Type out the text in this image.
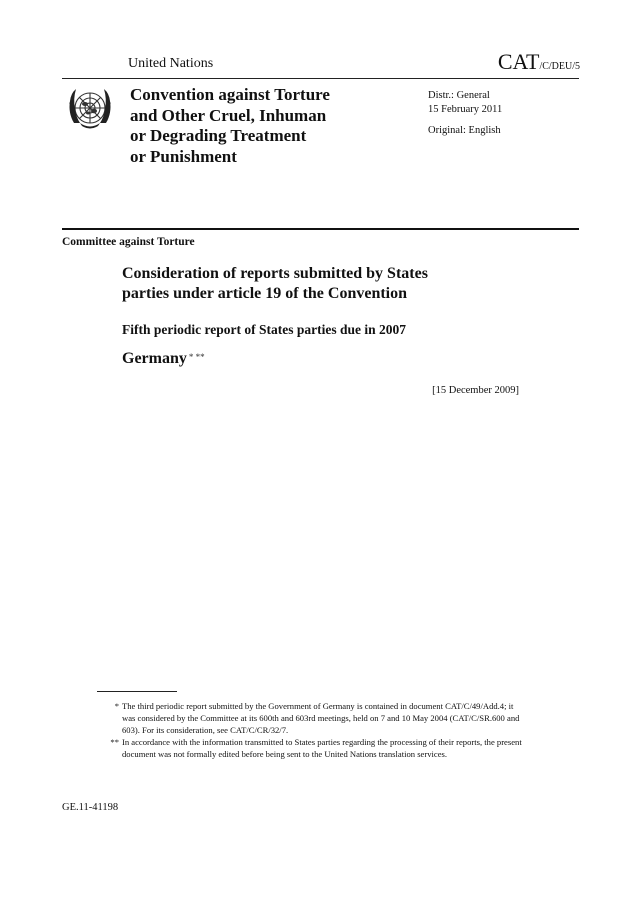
United Nations	CAT/C/DEU/5
Convention against Torture
and Other Cruel, Inhuman
or Degrading Treatment
or Punishment
Distr.: General
15 February 2011
Original: English
Committee against Torture
Consideration of reports submitted by States
parties under article 19 of the Convention
Fifth periodic report of States parties due in 2007
Germany * **
[15 December 2009]
* The third periodic report submitted by the Government of Germany is contained in document CAT/C/49/Add.4; it was considered by the Committee at its 600th and 603rd meetings, held on 7 and 10 May 2004 (CAT/C/SR.600 and 603). For its consideration, see CAT/C/CR/32/7.
** In accordance with the information transmitted to States parties regarding the processing of their reports, the present document was not formally edited before being sent to the United Nations translation services.
GE.11-41198
